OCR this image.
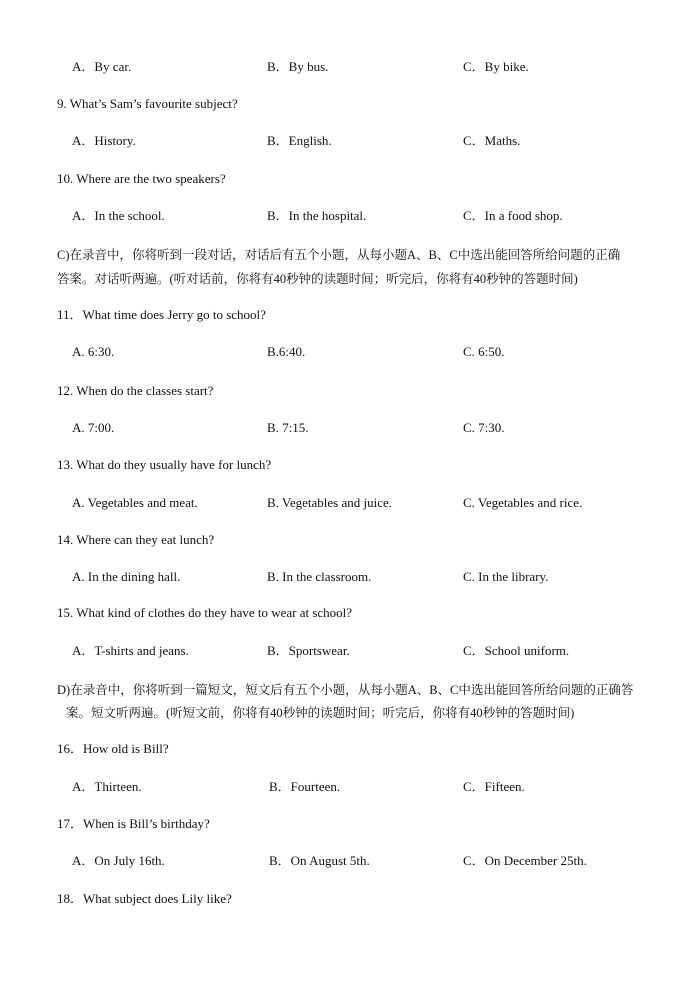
A．By car.	B．By bus.	C．By bike.
9. What’s Sam’s favourite subject?
A．History.	B．English.	C．Maths.
10. Where are the two speakers?
A．In the school.	B．In the hospital.	C．In a food shop.
C)在录音中，你将听到一段对话，对话后有五个小题，从每小题A、B、C中选出能回答所给问题的正确
答案。对话听两遍。(听对话前，你将有40秒钟的读题时间；听完后，你将有40秒钟的答题时间)
11．What time does Jerry go to school?
A. 6:30.	B.6:40.	C. 6:50.
12. When do the classes start?
A. 7:00.	B. 7:15.	C. 7:30.
13. What do they usually have for lunch?
A. Vegetables and meat.	B. Vegetables and juice.	C. Vegetables and rice.
14. Where can they eat lunch?
A. In the dining hall.	B. In the classroom.	C. In the library.
15. What kind of clothes do they have to wear at school?
A．T-shirts and jeans.	B．Sportswear.	C．School uniform.
D)在录音中，你将听到一篇短文，短文后有五个小题，从每小题A、B、C中选出能回答所给问题的正确答
案。短文听两遍。(听短文前，你将有40秒钟的读题时间；听完后，你将有40秒钟的答题时间)
16．How old is Bill?
A．Thirteen.	B．Fourteen.	C．Fifteen.
17．When is Bill’s birthday?
A．On July 16th.	B．On August 5th.	C．On December 25th.
18．What subject does Lily like?
